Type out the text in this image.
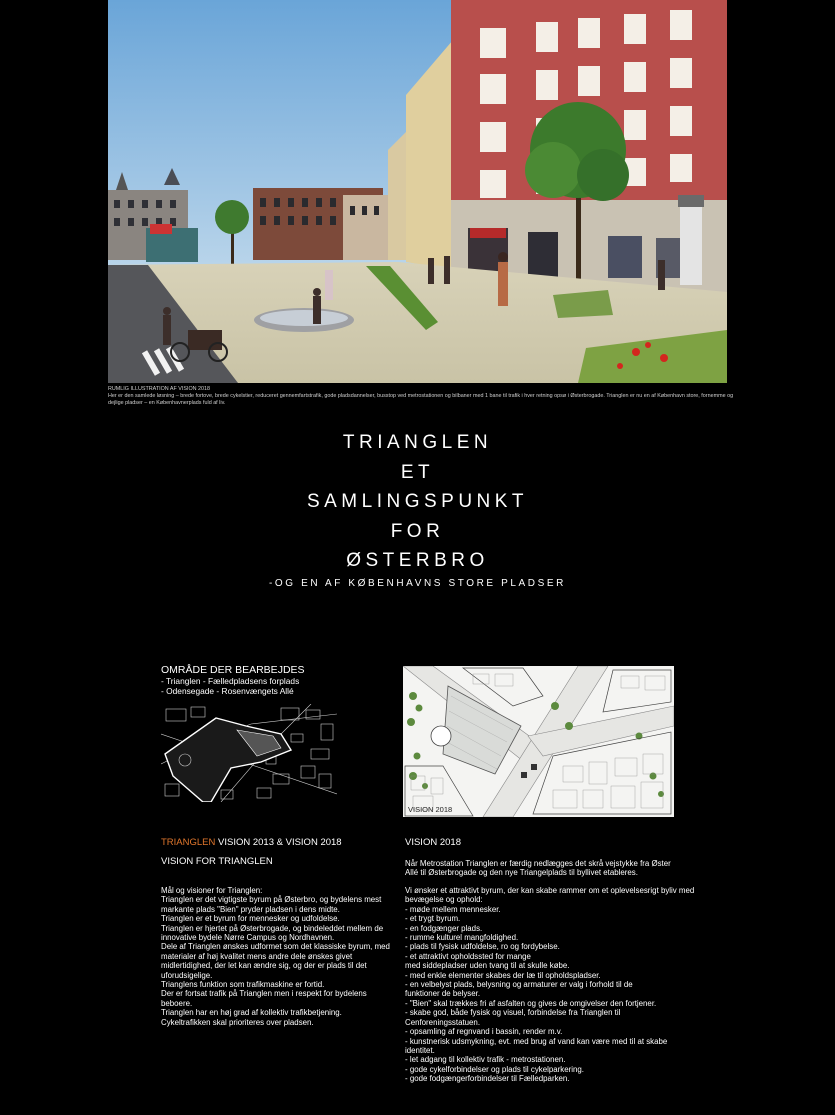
RUMLIG ILLUSTRATION AF VISION 2018
Her er den samlede løsning – brede fortove, brede cykelstier, reduceret gennemfartstrafik, gode pladsdannelser, busstop ved metrostationen og bilbaner med 1 bane til trafik i hver retning opsø i Østerbrogade. Trianglen er nu en af København store, fornemme og dejlige pladser – en Københavnerplads fuld af liv.
TRIANGLEN
ET
SAMLINGSPUNKT
FOR
ØSTERBRO
-OG EN AF KØBENHAVNS STORE PLADSER
OMRÅDE DER BEARBEJDES
- Trianglen - Fælledpladsens forplads
- Odensegade - Rosenvængets Allé
VISION 2018
TRIANGLEN VISION 2013 & VISION 2018
VISION FOR TRIANGLEN
Mål og visioner for Trianglen:
Trianglen er det vigtigste byrum på Østerbro, og bydelens mest markante plads "Bien" pryder pladsen i dens midte.
Trianglen er et byrum for mennesker og udfoldelse.
Trianglen er hjertet på Østerbrogade, og bindeleddet mellem de innovative bydele Nørre Campus og Nordhavnen.
Dele af Trianglen ønskes udformet som det klassiske byrum, med materialer af høj kvalitet mens andre dele ønskes givet midlertidighed, der let kan ændre sig, og der er plads til det uforudsigelige.
Trianglens funktion som trafikmaskine er fortid.
Der er fortsat trafik på Trianglen men i respekt for bydelens beboere.
Trianglen har en høj grad af kollektiv trafikbetjening.
Cykeltrafikken skal prioriteres over pladsen.
VISION 2018
Når Metrostation Trianglen er færdig nedlægges det skrå vejstykke fra Øster Allé til Østerbrogade og den nye Triangelplads til byllivet etableres.
Vi ønsker et attraktivt byrum, der kan skabe rammer om et oplevelsesrigt byliv med bevægelse og ophold:
- møde mellem mennesker.
- et trygt byrum.
- en fodgænger plads.
- rumme kulturel mangfoldighed.
- plads til fysisk udfoldelse, ro og fordybelse.
- et attraktivt opholdssted for mange
med siddepladser uden tvang til at skulle købe.
- med enkle elementer skabes der læ til opholdspladser.
- en velbelyst plads, belysning og armaturer er valg i forhold til de
funktioner de belyser.
- "Bien" skal trækkes fri af asfalten og gives de omgivelser den fortjener.
- skabe god, både fysisk og visuel, forbindelse fra Trianglen til Cenforeningsstatuen.
- opsamling af regnvand i bassin, render m.v.
- kunstnerisk udsmykning, evt. med brug af vand kan være med til at skabe identitet.
- let adgang til kollektiv trafik - metrostationen.
- gode cykelforbindelser og plads til cykelparkering.
- gode fodgængerforbindelser til Fælledparken.
